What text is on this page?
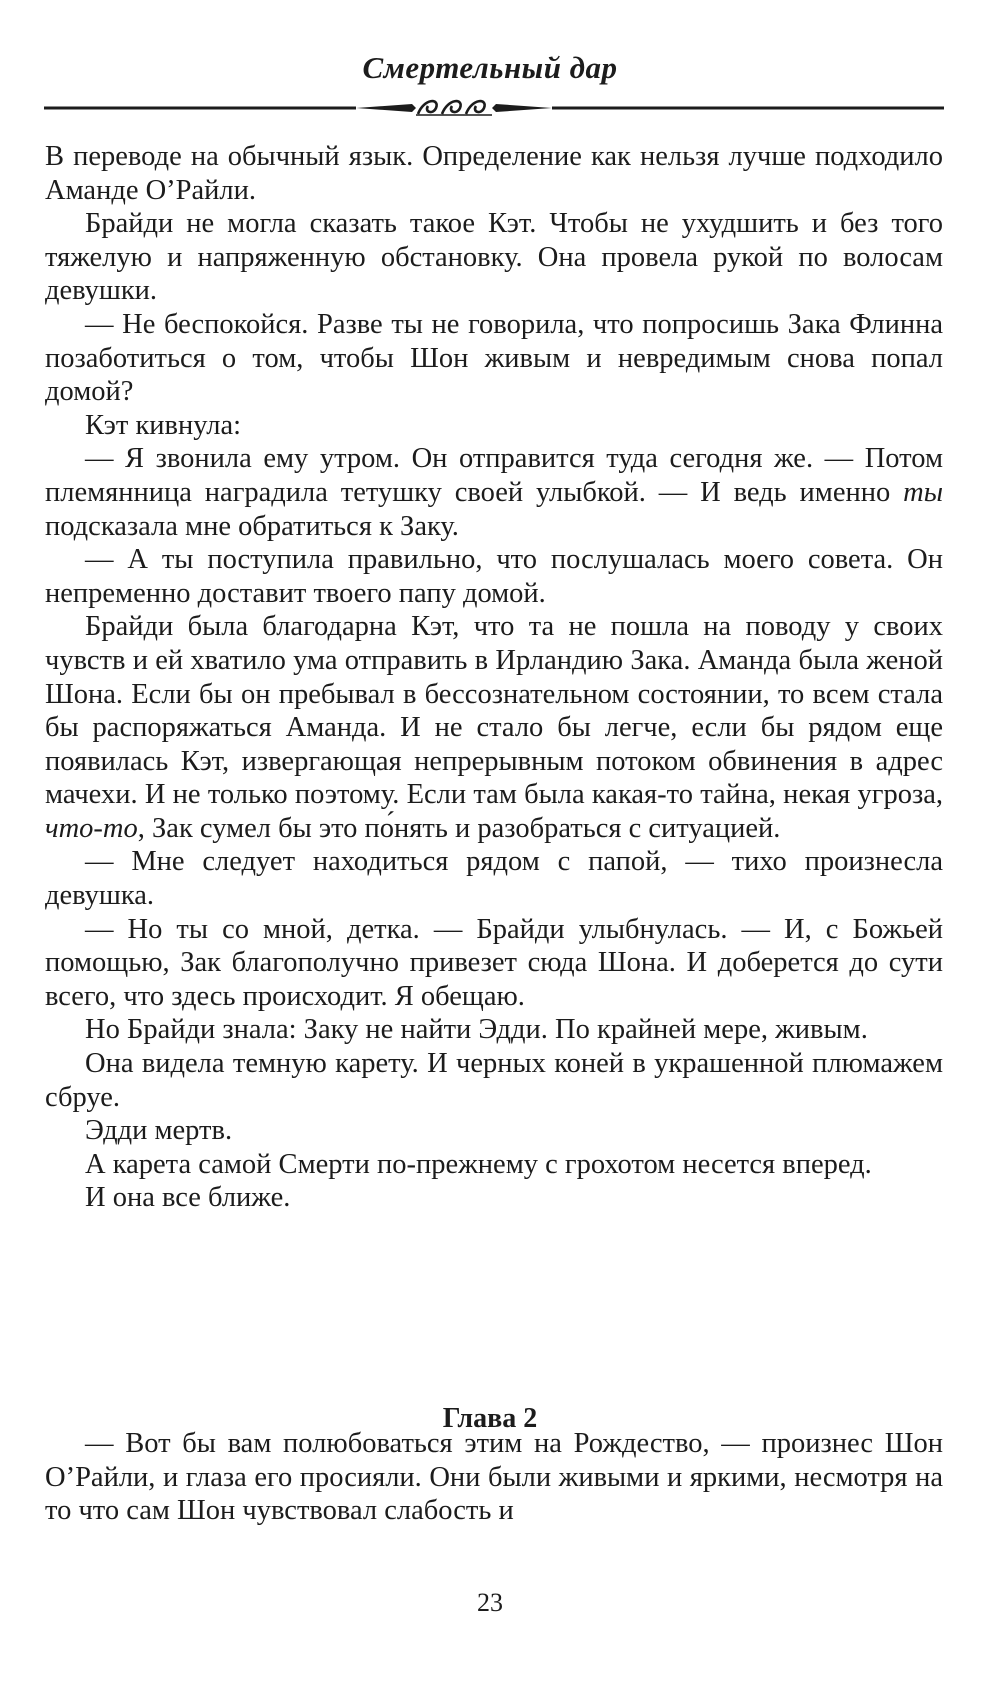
Смертельный дар

В переводе на обычный язык. Определение как нельзя лучше подходило Аманде О’Райли.

Брайди не могла сказать такое Кэт. Чтобы не ухудшить и без того тяжелую и напряженную обстановку. Она провела рукой по волосам девушки.

— Не беспокойся. Разве ты не говорила, что попросишь Зака Флинна позаботиться о том, чтобы Шон живым и невредимым снова попал домой?

Кэт кивнула:

— Я звонила ему утром. Он отправится туда сегодня же. — Потом племянница наградила тетушку своей улыбкой. — И ведь именно ты подсказала мне обратиться к Заку.

— А ты поступила правильно, что послушалась моего совета. Он непременно доставит твоего папу домой.

Брайди была благодарна Кэт, что та не пошла на поводу у своих чувств и ей хватило ума отправить в Ирландию Зака. Аманда была женой Шона. Если бы он пребывал в бессознательном состоянии, то всем стала бы распоряжаться Аманда. И не стало бы легче, если бы рядом еще появилась Кэт, извергающая непрерывным потоком обвинения в адрес мачехи. И не только поэтому. Если там была какая-то тайна, некая угроза, что-то, Зак сумел бы это по́нять и разобраться с ситуацией.

— Мне следует находиться рядом с папой, — тихо произнесла девушка.

— Но ты со мной, детка. — Брайди улыбнулась. — И, с Божьей помощью, Зак благополучно привезет сюда Шона. И доберется до сути всего, что здесь происходит. Я обещаю.

Но Брайди знала: Заку не найти Эдди. По крайней мере, живым.

Она видела темную карету. И черных коней в украшенной плюмажем сбруе.

Эдди мертв.

А карета самой Смерти по-прежнему с грохотом несется вперед.

И она все ближе.

Глава 2

— Вот бы вам полюбоваться этим на Рождество, — произнес Шон О’Райли, и глаза его просияли. Они были живыми и яркими, несмотря на то что сам Шон чувствовал слабость и

23
